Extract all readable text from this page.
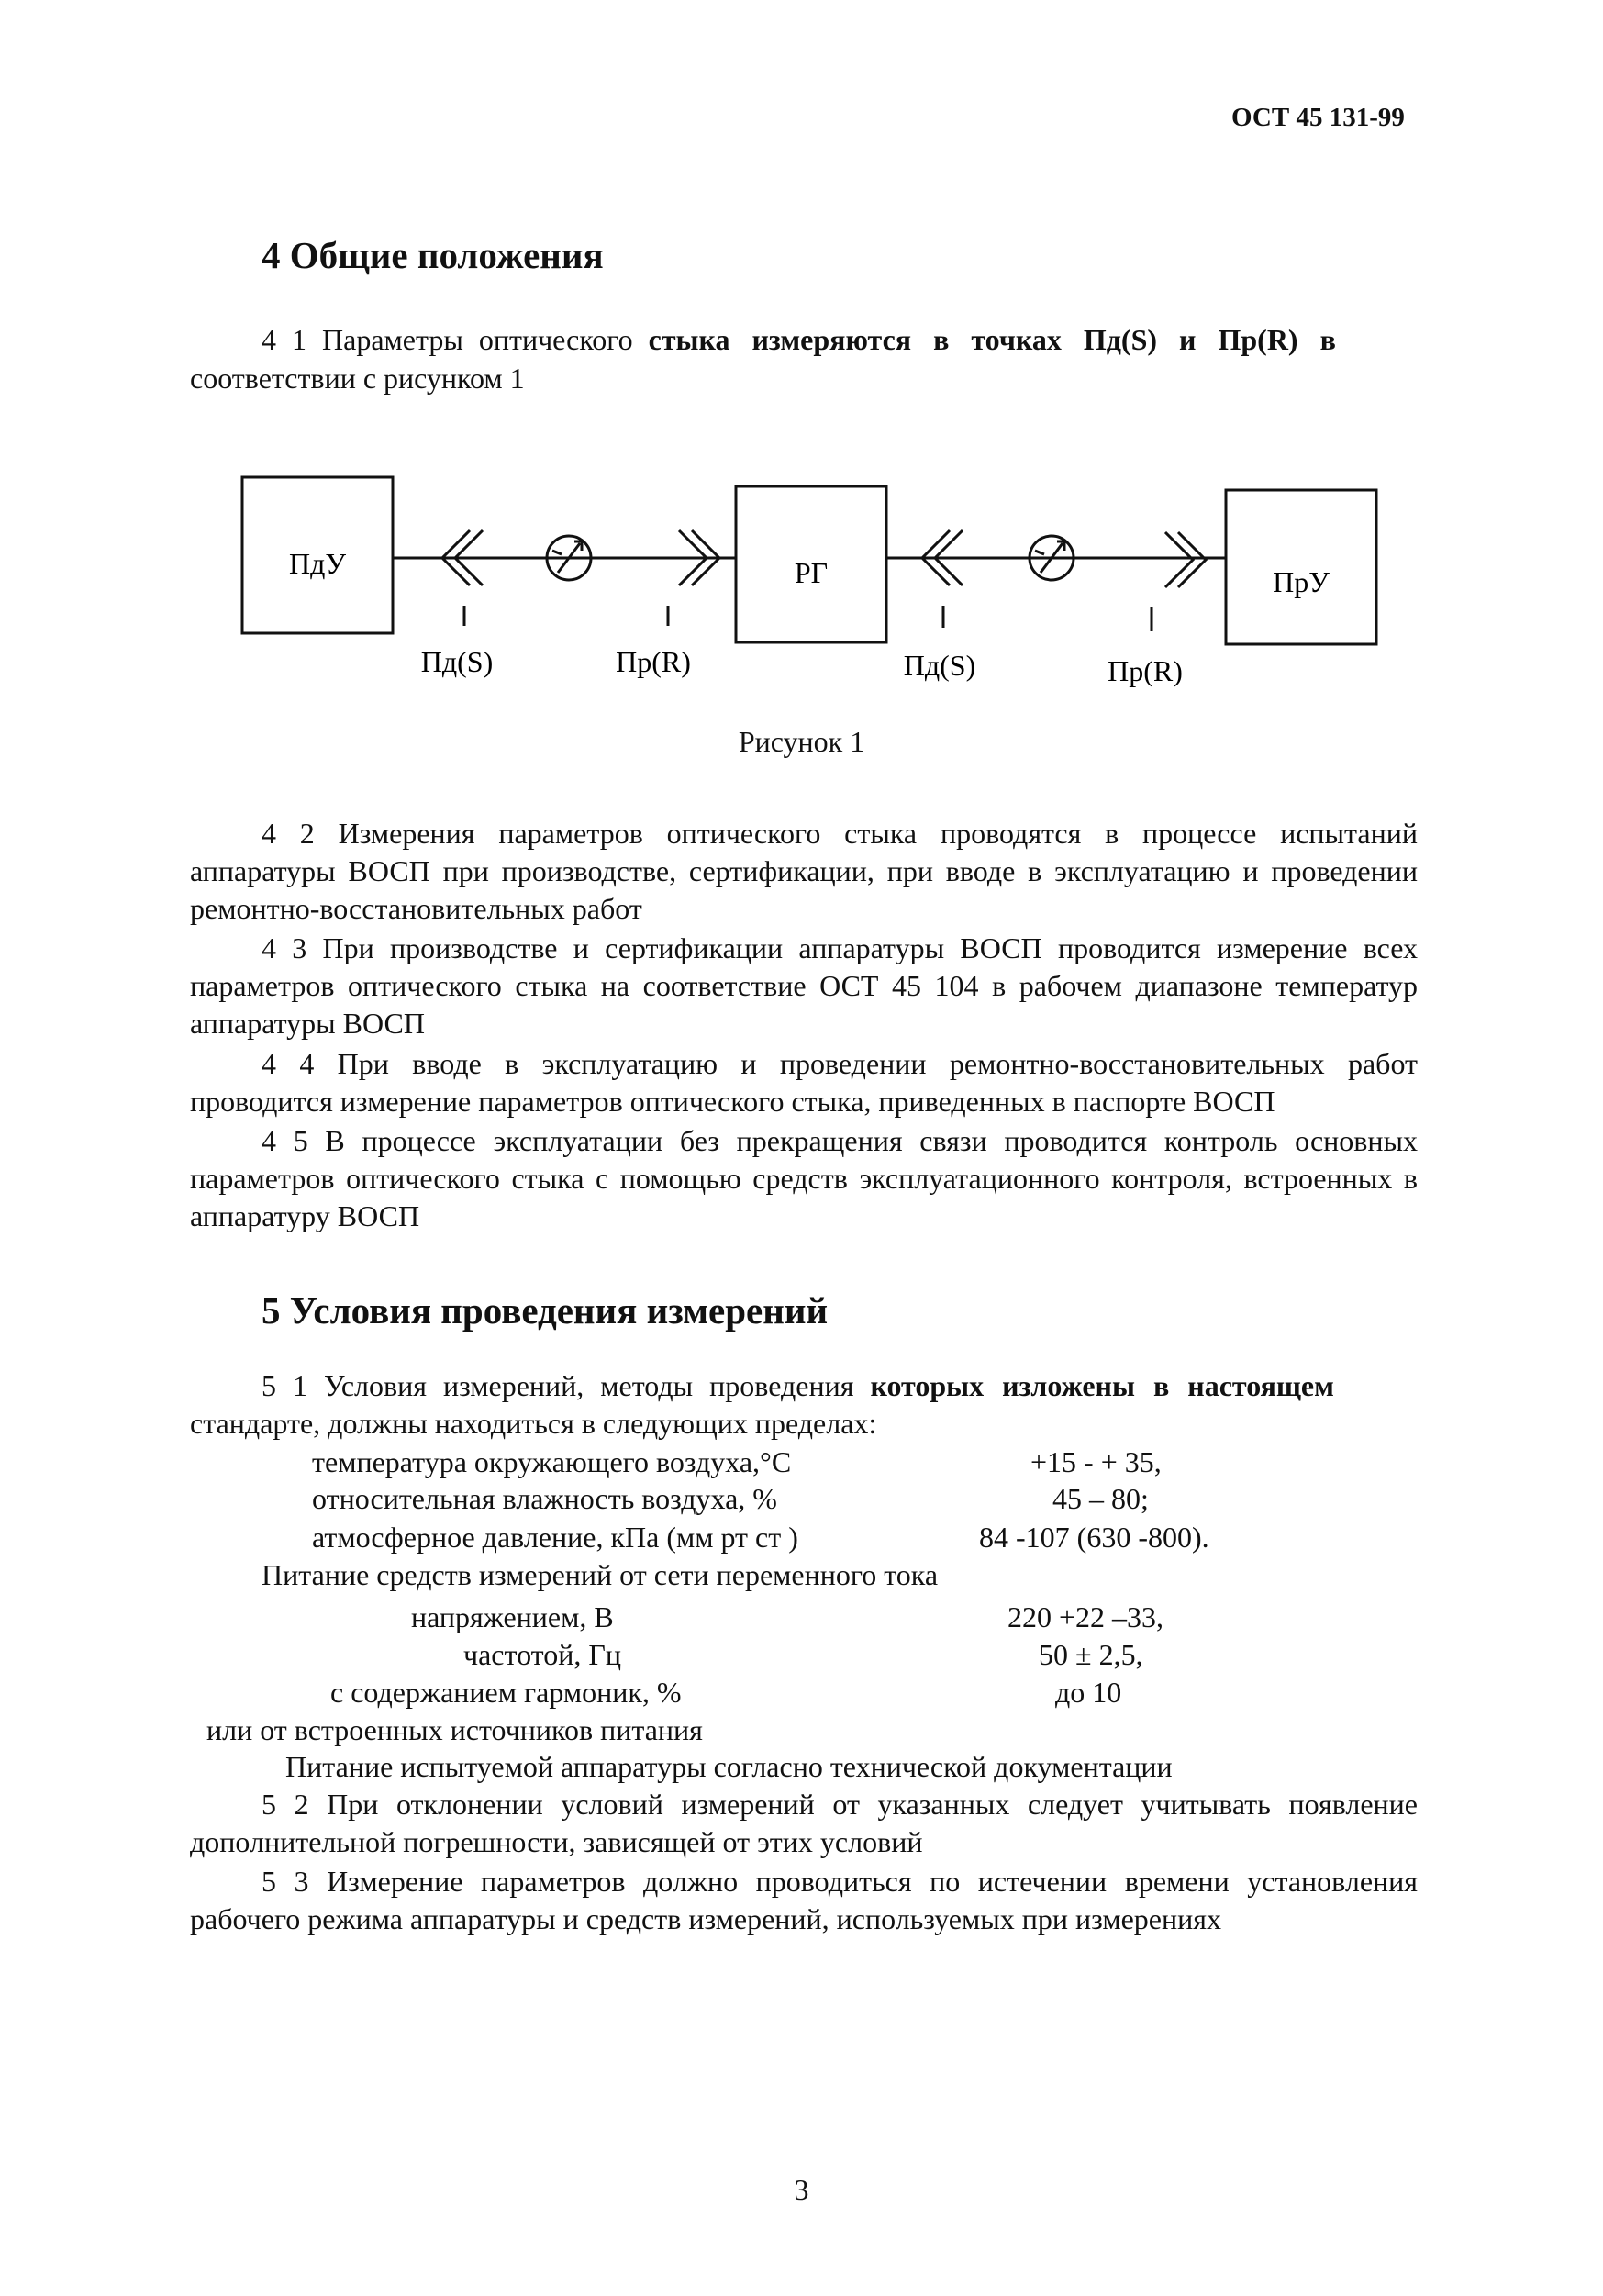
ОСТ 45 131-99
4 Общие положения
4 1 Параметры оптического стыка измеряются в точках Пд(S) и Пр(R) в
соответствии с рисунком 1
ПдУ	РГ	ПрУ
Пд(S)	Пр(R)	Пд(S)	Пр(R)
Рисунок 1

4 2 Измерения параметров оптического стыка проводятся в процессе испытаний аппаратуры ВОСП при производстве, сертификации, при вводе в эксплуатацию и проведении ремонтно-восстановительных работ

4 3 При производстве и сертификации аппаратуры ВОСП проводится измерение всех параметров оптического стыка на соответствие ОСТ 45 104 в рабочем диапазоне температур аппаратуры ВОСП

4 4 При вводе в эксплуатацию и проведении ремонтно-восстановительных работ проводится измерение параметров оптического стыка, приведенных в паспорте ВОСП

4 5 В процессе эксплуатации без прекращения связи проводится контроль основных параметров оптического стыка с помощью средств эксплуатационного контроля, встроенных в аппаратуру ВОСП

5 Условия проведения измерений
5 1 Условия измерений, методы проведения которых изложены в настоящем
стандарте, должны находиться в следующих пределах:
температура окружающего воздуха,°С	+15 - + 35,
относительная влажность воздуха, %	45 – 80;
атмосферное давление, кПа (мм рт ст )	84 -107 (630 -800).
Питание средств измерений от сети переменного тока
напряжением, В	220 +22 –33,
частотой, Гц	50 ± 2,5,
с содержанием гармоник, %	до 10
или от встроенных источников питания
Питание испытуемой аппаратуры согласно технической документации

5 2 При отклонении условий измерений от указанных следует учитывать появление дополнительной погрешности, зависящей от этих условий

5 3 Измерение параметров должно проводиться по истечении времени установления рабочего режима аппаратуры и средств измерений, используемых при измерениях

3
